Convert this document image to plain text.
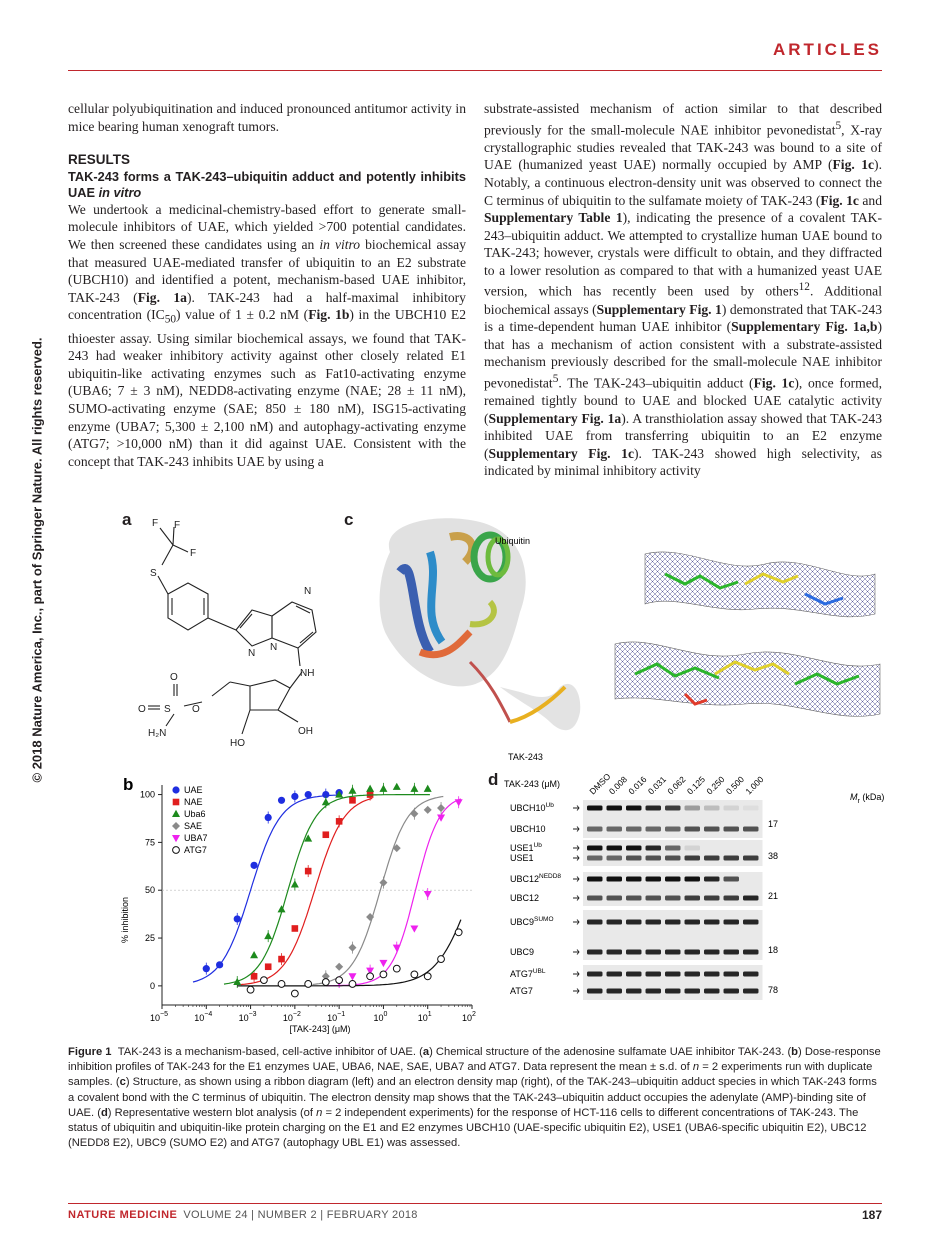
ARTICLES
© 2018 Nature America, Inc., part of Springer Nature. All rights reserved.

cellular polyubiquitination and induced pronounced antitumor activity in mice bearing human xenograft tumors.

RESULTS
TAK-243 forms a TAK-243–ubiquitin adduct and potently inhibits UAE in vitro

We undertook a medicinal-chemistry-based effort to generate small-molecule inhibitors of UAE, which yielded >700 potential candidates. We then screened these candidates using an in vitro biochemical assay that measured UAE-mediated transfer of ubiquitin to an E2 substrate (UBCH10) and identified a potent, mechanism-based UAE inhibitor, TAK-243 (Fig. 1a). TAK-243 had a half-maximal inhibitory concentration $(IC_{50})$ value of 1 ± 0.2 nM (Fig. 1b) in the UBCH10 E2 thioester assay. Using similar biochemical assays, we found that TAK-243 had weaker inhibitory activity against other closely related E1 ubiquitin-like activating enzymes such as Fat10-activating enzyme (UBA6; 7 ± 3 nM), NEDD8-activating enzyme (NAE; 28 ± 11 nM), SUMO-activating enzyme (SAE; 850 ± 180 nM), ISG15-activating enzyme (UBA7; 5,300 ± 2,100 nM) and autophagy-activating enzyme (ATG7; >10,000 nM) than it did against UAE. Consistent with the concept that TAK-243 inhibits UAE by using a

substrate-assisted mechanism of action similar to that described previously for the small-molecule NAE inhibitor pevonedistat$^5$, X-ray crystallographic studies revealed that TAK-243 was bound to a site of UAE (humanized yeast UAE) normally occupied by AMP (Fig. 1c). Notably, a continuous electron-density unit was observed to connect the C terminus of ubiquitin to the sulfamate moiety of TAK-243 (Fig. 1c and Supplementary Table 1), indicating the presence of a covalent TAK-243–ubiquitin adduct. We attempted to crystallize human UAE bound to TAK-243; however, crystals were difficult to obtain, and they diffracted to a lower resolution as compared to that with a humanized yeast UAE version, which has recently been used by others$^{12}$. Additional biochemical assays (Supplementary Fig. 1) demonstrated that TAK-243 is a time-dependent human UAE inhibitor (Supplementary Fig. 1a,b) that has a mechanism of action consistent with a substrate-assisted mechanism previously described for the small-molecule NAE inhibitor pevonedistat$^5$. The TAK-243–ubiquitin adduct (Fig. 1c), once formed, remained tightly bound to UAE and blocked UAE catalytic activity (Supplementary Fig. 1a). A transthiolation assay showed that TAK-243 inhibited UAE from transferring ubiquitin to an E2 enzyme (Supplementary Fig. 1c). TAK-243 showed high selectivity, as indicated by minimal inhibitory activity

a F F
F
S
N
N
N
NH
O
O	O
S
H₂N	OH
HO
c
Ubiquitin
TAK-243
b
0
25
50
75
100
$10^{-5}$	$10^{-4}$	$10^{-3}$	$10^{-2}$	$10^{-1}$	$10^0$	$10^1$	$10^2$
UAE
NAE
Uba6
SAE
UBA7
ATG7
[TAK-243] (μM)
% inhibition
d TAK-243 (μM)	DMSO
0.008
0.016
0.031
0.062
0.125
0.250
0.500
1.000
$M_r$ (kDa)
$UBCH10^{Ub}$
UBCH10
$USE1^{Ub}$
USE1
$UBC12^{NEDD8}$
UBC12
$UBC9^{SUMO}$
UBC9
$ATG7^{UBL}$
ATG7
17
38
21
18
78
Figure 1 TAK-243 is a mechanism-based, cell-active inhibitor of UAE. (a) Chemical structure of the adenosine sulfamate UAE inhibitor TAK-243. (b) Dose-response inhibition profiles of TAK-243 for the E1 enzymes UAE, UBA6, NAE, SAE, UBA7 and ATG7. Data represent the mean ± s.d. of n = 2 experiments run with duplicate samples. (c) Structure, as shown using a ribbon diagram (left) and an electron density map (right), of the TAK-243–ubiquitin adduct species in which TAK-243 forms a covalent bond with the C terminus of ubiquitin. The electron density map shows that the TAK-243–ubiquitin adduct occupies the adenylate (AMP)-binding site of UAE. (d) Representative western blot analysis (of n = 2 independent experiments) for the response of HCT-116 cells to different concentrations of TAK-243. The status of ubiquitin and ubiquitin-like protein charging on the E1 and E2 enzymes UBCH10 (UAE-specific ubiquitin E2), USE1 (UBA6-specific ubiquitin E2), UBC12 (NEDD8 E2), UBC9 (SUMO E2) and ATG7 (autophagy UBL E1) was assessed.
NATURE MEDICINE VOLUME 24 | NUMBER 2 | FEBRUARY 2018	187
